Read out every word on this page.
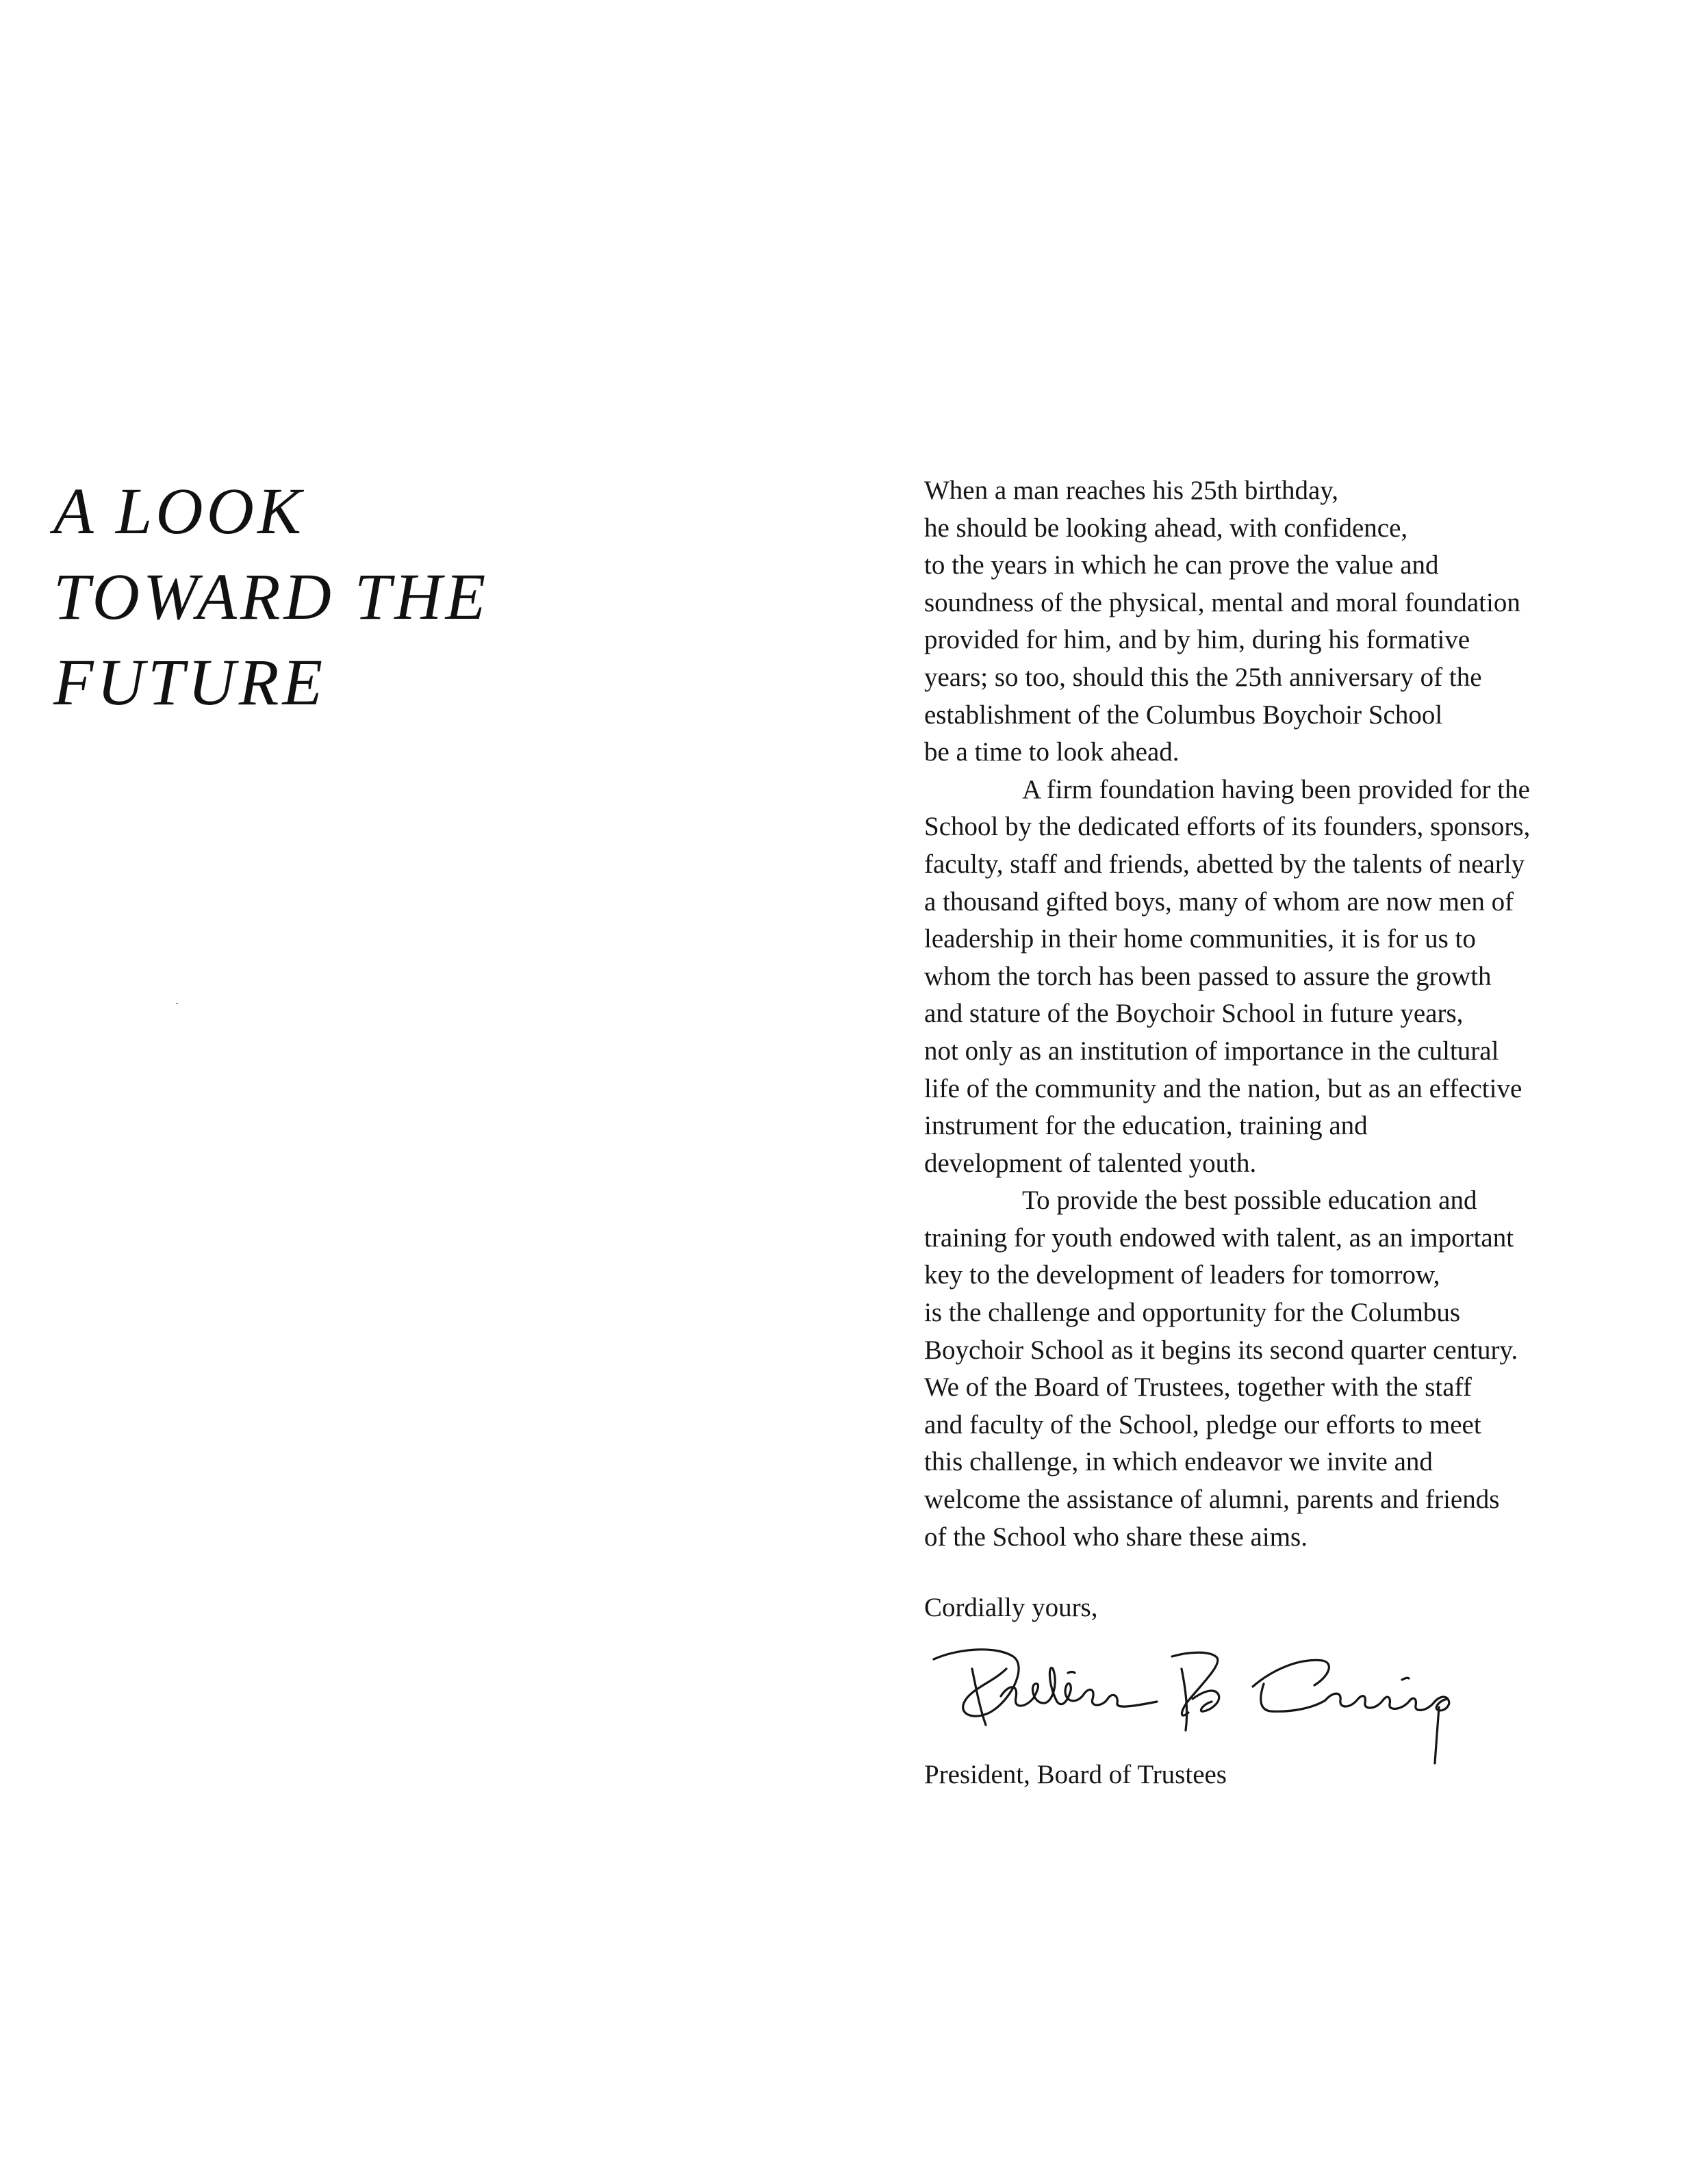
A LOOK
TOWARD THE
FUTURE
When a man reaches his 25th birthday,
he should be looking ahead, with confidence,
to the years in which he can prove the value and
soundness of the physical, mental and moral foundation
provided for him, and by him, during his formative
years; so too, should this the 25th anniversary of the
establishment of the Columbus Boychoir School
be a time to look ahead.
A firm foundation having been provided for the
School by the dedicated efforts of its founders, sponsors,
faculty, staff and friends, abetted by the talents of nearly
a thousand gifted boys, many of whom are now men of
leadership in their home communities, it is for us to
whom the torch has been passed to assure the growth
and stature of the Boychoir School in future years,
not only as an institution of importance in the cultural
life of the community and the nation, but as an effective
instrument for the education, training and
development of talented youth.
To provide the best possible education and
training for youth endowed with talent, as an important
key to the development of leaders for tomorrow,
is the challenge and opportunity for the Columbus
Boychoir School as it begins its second quarter century.
We of the Board of Trustees, together with the staff
and faculty of the School, pledge our efforts to meet
this challenge, in which endeavor we invite and
welcome the assistance of alumni, parents and friends
of the School who share these aims.
Cordially yours,
President, Board of Trustees
